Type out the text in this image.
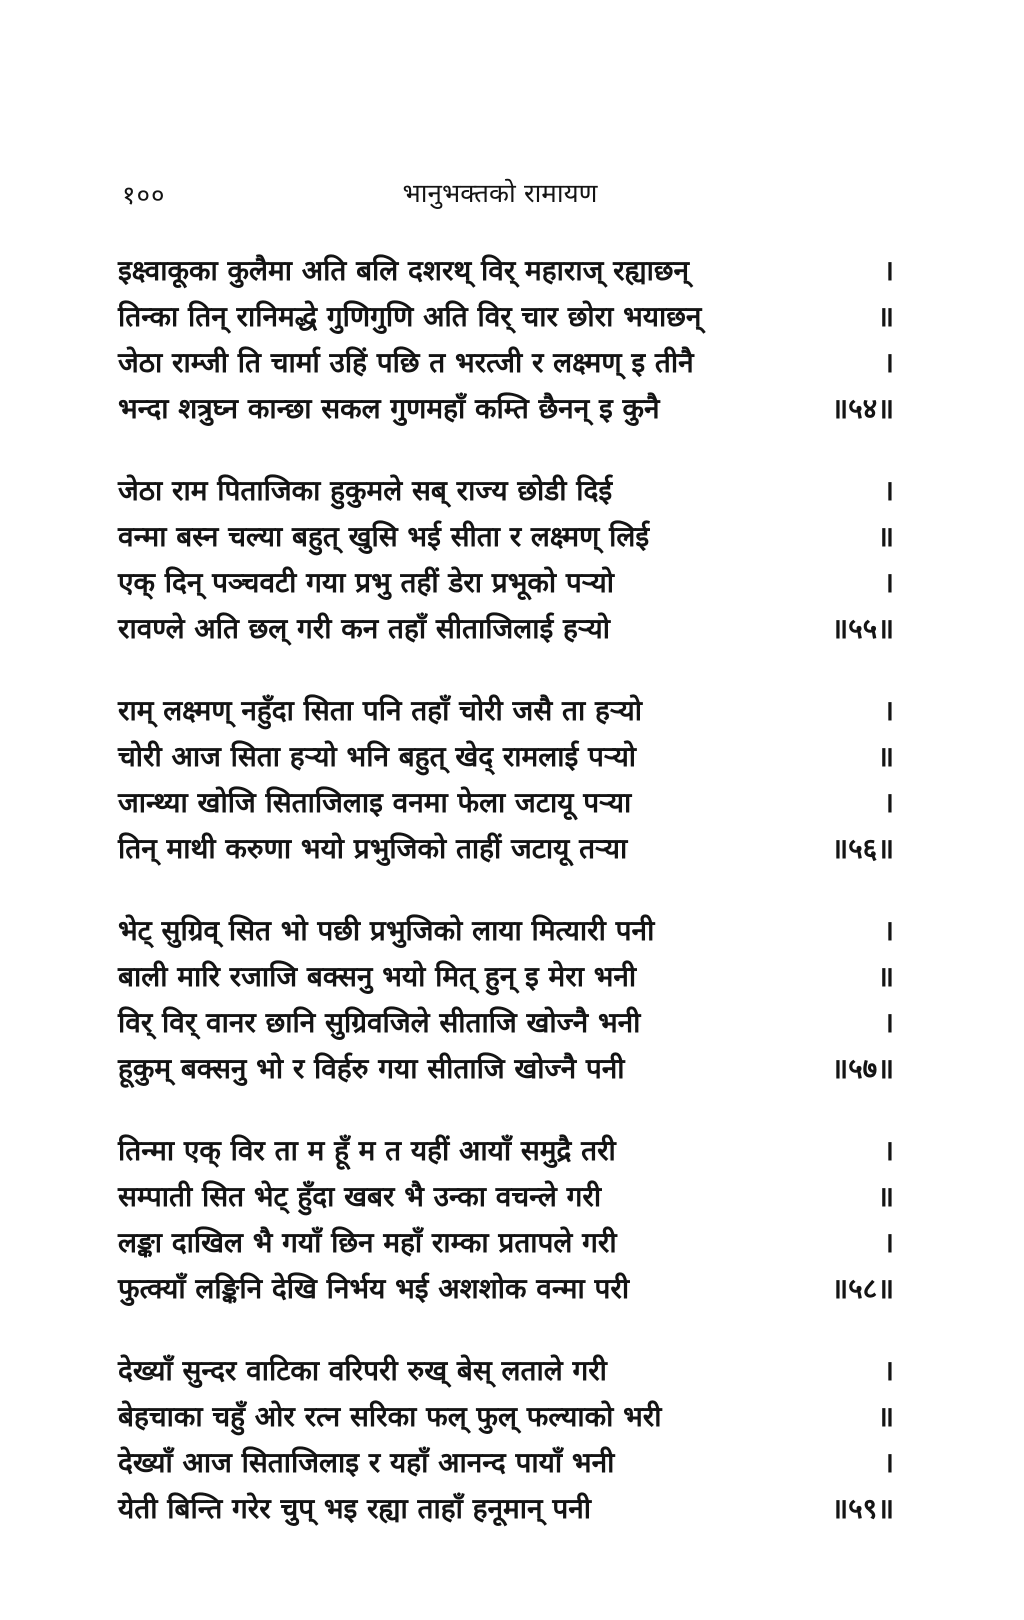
१००	भानुभक्तको रामायण
इक्ष्वाकूका कुलैमा अति बलि दशरथ् विर् महाराज् रह्याछन्	।
तिन्का तिन् रानिमद्धे गुणिगुणि अति विर् चार छोरा भयाछन्	॥
जेठा राम्जी ति चार्मा उहिं पछि त भरत्जी र लक्ष्मण् इ तीनै	।
भन्दा शत्रुघ्न कान्छा सकल गुणमहाँ कम्ति छैनन् इ कुनै	॥५४॥
जेठा राम पिताजिका हुकुमले सब् राज्य छोडी दिई	।
वन्मा बस्न चल्या बहुत् खुसि भई सीता र लक्ष्मण् लिई	॥
एक् दिन् पञ्चवटी गया प्रभु तहीं डेरा प्रभूको पऱ्यो	।
रावण्ले अति छल् गरी कन तहाँ सीताजिलाई हऱ्यो	॥५५॥
राम् लक्ष्मण् नहुँदा सिता पनि तहाँ चोरी जसै ता हऱ्यो	।
चोरी आज सिता हऱ्यो भनि बहुत् खेद् रामलाई पऱ्यो	॥
जान्थ्या खोजि सिताजिलाइ वनमा फेला जटायू पऱ्या	।
तिन् माथी करुणा भयो प्रभुजिको ताहीं जटायू तऱ्या	॥५६॥
भेट् सुग्रिव् सित भो पछी प्रभुजिको लाया मित्यारी पनी	।
बाली मारि रजाजि बक्सनु भयो मित् हुन् इ मेरा भनी	॥
विर् विर् वानर छानि सुग्रिवजिले सीताजि खोज्नै भनी	।
हूकुम् बक्सनु भो र विर्हरु गया सीताजि खोज्नै पनी	॥५७॥
तिन्मा एक् विर ता म हूँ म त यहीं आयाँ समुद्रै तरी	।
सम्पाती सित भेट् हुँदा खबर भै उन्का वचन्ले गरी	॥
लङ्का दाखिल भै गयाँ छिन महाँ राम्का प्रतापले गरी	।
फुत्क्याँ लङ्किनि देखि निर्भय भई अशशोक वन्मा परी	॥५८॥
देख्याँ सुन्दर वाटिका वरिपरी रुख् बेस् लताले गरी	।
बेहचाका चहुँ ओर रत्न सरिका फल् फुल् फल्याको भरी	॥
देख्याँ आज सिताजिलाइ र यहाँ आनन्द पायाँ भनी	।
येती बिन्ति गरेर चुप् भइ रह्या ताहाँ हनूमान् पनी	॥५९॥
